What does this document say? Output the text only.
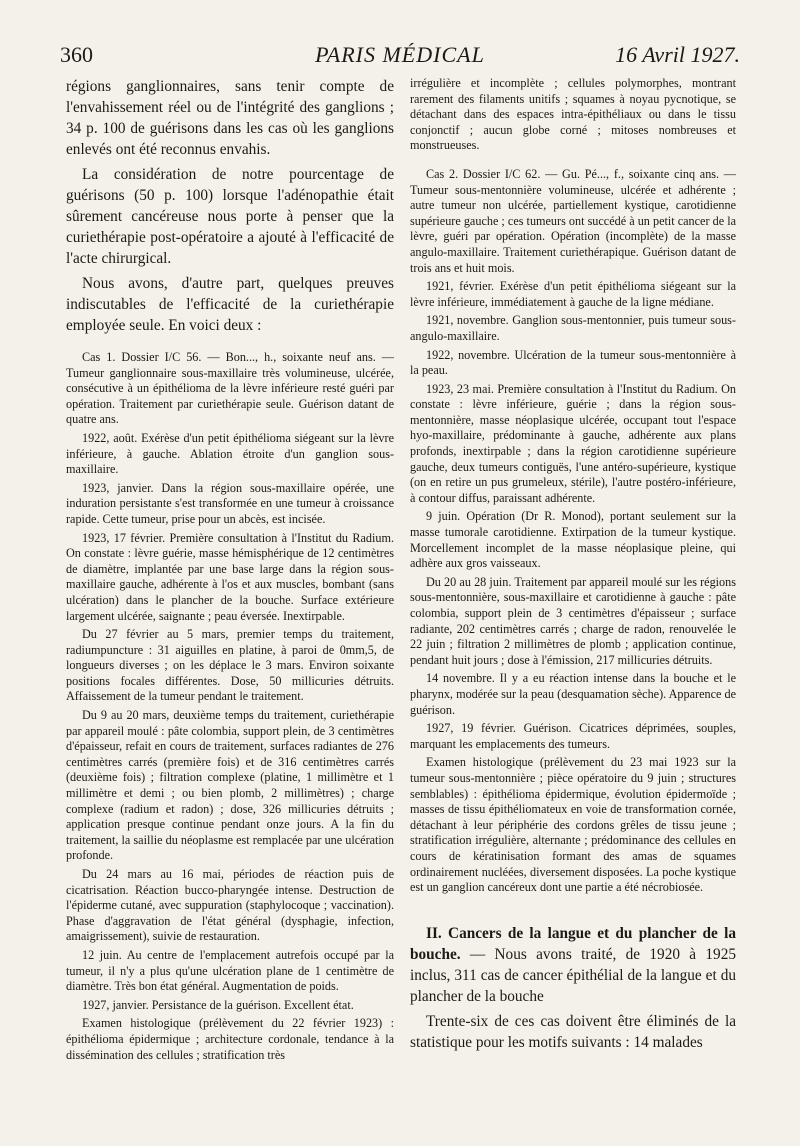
360	PARIS MÉDICAL	16 Avril 1927.

régions ganglionnaires, sans tenir compte de l'envahissement réel ou de l'intégrité des ganglions ; 34 p. 100 de guérisons dans les cas où les ganglions enlevés ont été reconnus envahis.

La considération de notre pourcentage de guérisons (50 p. 100) lorsque l'adénopathie était sûrement cancéreuse nous porte à penser que la curiethérapie post-opératoire a ajouté à l'efficacité de l'acte chirurgical.

Nous avons, d'autre part, quelques preuves indiscutables de l'efficacité de la curiethérapie employée seule. En voici deux :

Cas 1. Dossier I/C 56. — Bon..., h., soixante neuf ans. — Tumeur ganglionnaire sous-maxillaire très volumineuse, ulcérée, consécutive à un épithélioma de la lèvre inférieure resté guéri par opération. Traitement par curiethérapie seule. Guérison datant de quatre ans.

1922, août. Exérèse d'un petit épithélioma siégeant sur la lèvre inférieure, à gauche. Ablation étroite d'un ganglion sous-maxillaire.

1923, janvier. Dans la région sous-maxillaire opérée, une induration persistante s'est transformée en une tumeur à croissance rapide. Cette tumeur, prise pour un abcès, est incisée.

1923, 17 février. Première consultation à l'Institut du Radium. On constate : lèvre guérie, masse hémisphérique de 12 centimètres de diamètre, implantée par une base large dans la région sous-maxillaire gauche, adhérente à l'os et aux muscles, bombant (sans ulcération) dans le plancher de la bouche. Surface extérieure largement ulcérée, saignante ; peau éversée. Inextirpable.

Du 27 février au 5 mars, premier temps du traitement, radiumpuncture : 31 aiguilles en platine, à paroi de 0mm,5, de longueurs diverses ; on les déplace le 3 mars. Environ soixante positions focales différentes. Dose, 50 millicuries détruits. Affaissement de la tumeur pendant le traitement.

Du 9 au 20 mars, deuxième temps du traitement, curiethérapie par appareil moulé : pâte colombia, support plein, de 3 centimètres d'épaisseur, refait en cours de traitement, surfaces radiantes de 276 centimètres carrés (première fois) et de 316 centimètres carrés (deuxième fois) ; filtration complexe (platine, 1 millimètre et 1 millimètre et demi ; ou bien plomb, 2 millimètres) ; charge complexe (radium et radon) ; dose, 326 millicuries détruits ; application presque continue pendant onze jours. A la fin du traitement, la saillie du néoplasme est remplacée par une ulcération profonde.

Du 24 mars au 16 mai, périodes de réaction puis de cicatrisation. Réaction bucco-pharyngée intense. Destruction de l'épiderme cutané, avec suppuration (staphylocoque ; vaccination). Phase d'aggravation de l'état général (dysphagie, infection, amaigrissement), suivie de restauration.

12 juin. Au centre de l'emplacement autrefois occupé par la tumeur, il n'y a plus qu'une ulcération plane de 1 centimètre de diamètre. Très bon état général. Augmentation de poids.

1927, janvier. Persistance de la guérison. Excellent état.

Examen histologique (prélèvement du 22 février 1923) : épithélioma épidermique ; architecture cordonale, tendance à la dissémination des cellules ; stratification très

irrégulière et incomplète ; cellules polymorphes, montrant rarement des filaments unitifs ; squames à noyau pycnotique, se détachant dans des espaces intra-épithéliaux ou dans le tissu conjonctif ; aucun globe corné ; mitoses nombreuses et monstrueuses.

Cas 2. Dossier I/C 62. — Gu. Pé..., f., soixante cinq ans. — Tumeur sous-mentonnière volumineuse, ulcérée et adhérente ; autre tumeur non ulcérée, partiellement kystique, carotidienne supérieure gauche ; ces tumeurs ont succédé à un petit cancer de la lèvre, guéri par opération. Opération (incomplète) de la masse angulo-maxillaire. Traitement curiethérapique. Guérison datant de trois ans et huit mois.

1921, février. Exérèse d'un petit épithélioma siégeant sur la lèvre inférieure, immédiatement à gauche de la ligne médiane.

1921, novembre. Ganglion sous-mentonnier, puis tumeur sous-angulo-maxillaire.

1922, novembre. Ulcération de la tumeur sous-mentonnière à la peau.

1923, 23 mai. Première consultation à l'Institut du Radium. On constate : lèvre inférieure, guérie ; dans la région sous-mentonnière, masse néoplasique ulcérée, occupant tout l'espace hyo-maxillaire, prédominante à gauche, adhérente aux plans profonds, inextirpable ; dans la région carotidienne supérieure gauche, deux tumeurs contiguës, l'une antéro-supérieure, kystique (on en retire un pus grumeleux, stérile), l'autre postéro-inférieure, à contour diffus, paraissant adhérente.

9 juin. Opération (Dr R. Monod), portant seulement sur la masse tumorale carotidienne. Extirpation de la tumeur kystique. Morcellement incomplet de la masse néoplasique pleine, qui adhère aux gros vaisseaux.

Du 20 au 28 juin. Traitement par appareil moulé sur les régions sous-mentonnière, sous-maxillaire et carotidienne à gauche : pâte colombia, support plein de 3 centimètres d'épaisseur ; surface radiante, 202 centimètres carrés ; charge de radon, renouvelée le 22 juin ; filtration 2 millimètres de plomb ; application continue, pendant huit jours ; dose à l'émission, 217 millicuries détruits.

14 novembre. Il y a eu réaction intense dans la bouche et le pharynx, modérée sur la peau (desquamation sèche). Apparence de guérison.

1927, 19 février. Guérison. Cicatrices déprimées, souples, marquant les emplacements des tumeurs.

Examen histologique (prélèvement du 23 mai 1923 sur la tumeur sous-mentonnière ; pièce opératoire du 9 juin ; structures semblables) : épithélioma épidermique, évolution épidermoïde ; masses de tissu épithéliomateux en voie de transformation cornée, détachant à leur périphérie des cordons grêles de tissu jeune ; stratification irrégulière, alternante ; prédominance des cellules en cours de kératinisation formant des amas de squames ordinairement nucléées, diversement disposées. La poche kystique est un ganglion cancéreux dont une partie a été nécrobiosée.

II. Cancers de la langue et du plancher de la bouche. — Nous avons traité, de 1920 à 1925 inclus, 311 cas de cancer épithélial de la langue et du plancher de la bouche

Trente-six de ces cas doivent être éliminés de la statistique pour les motifs suivants : 14 malades
